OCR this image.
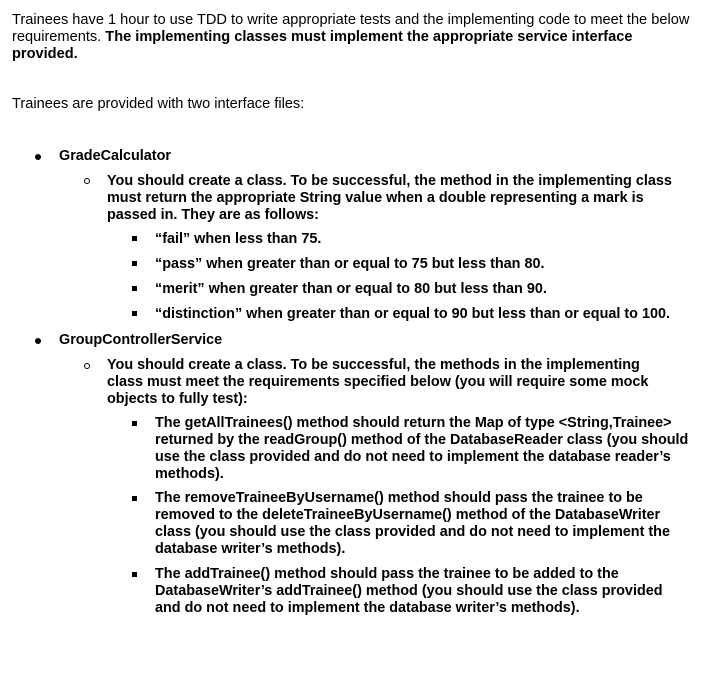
Trainees have 1 hour to use TDD to write appropriate tests and the implementing code to meet the below requirements. The implementing classes must implement the appropriate service interface provided.
Trainees are provided with two interface files:
GradeCalculator
You should create a class. To be successful, the method in the implementing class must return the appropriate String value when a double representing a mark is passed in. They are as follows:
“fail” when less than 75.
“pass” when greater than or equal to 75 but less than 80.
“merit” when greater than or equal to 80 but less than 90.
“distinction” when greater than or equal to 90 but less than or equal to 100.
GroupControllerService
You should create a class. To be successful, the methods in the implementing class must meet the requirements specified below (you will require some mock objects to fully test):
The getAllTrainees() method should return the Map of type <String,Trainee> returned by the readGroup() method of the DatabaseReader class (you should use the class provided and do not need to implement the database reader’s methods).
The removeTraineeByUsername() method should pass the trainee to be removed to the deleteTraineeByUsername() method of the DatabaseWriter class (you should use the class provided and do not need to implement the database writer’s methods).
The addTrainee() method should pass the trainee to be added to the DatabaseWriter’s addTrainee() method (you should use the class provided and do not need to implement the database writer’s methods).
